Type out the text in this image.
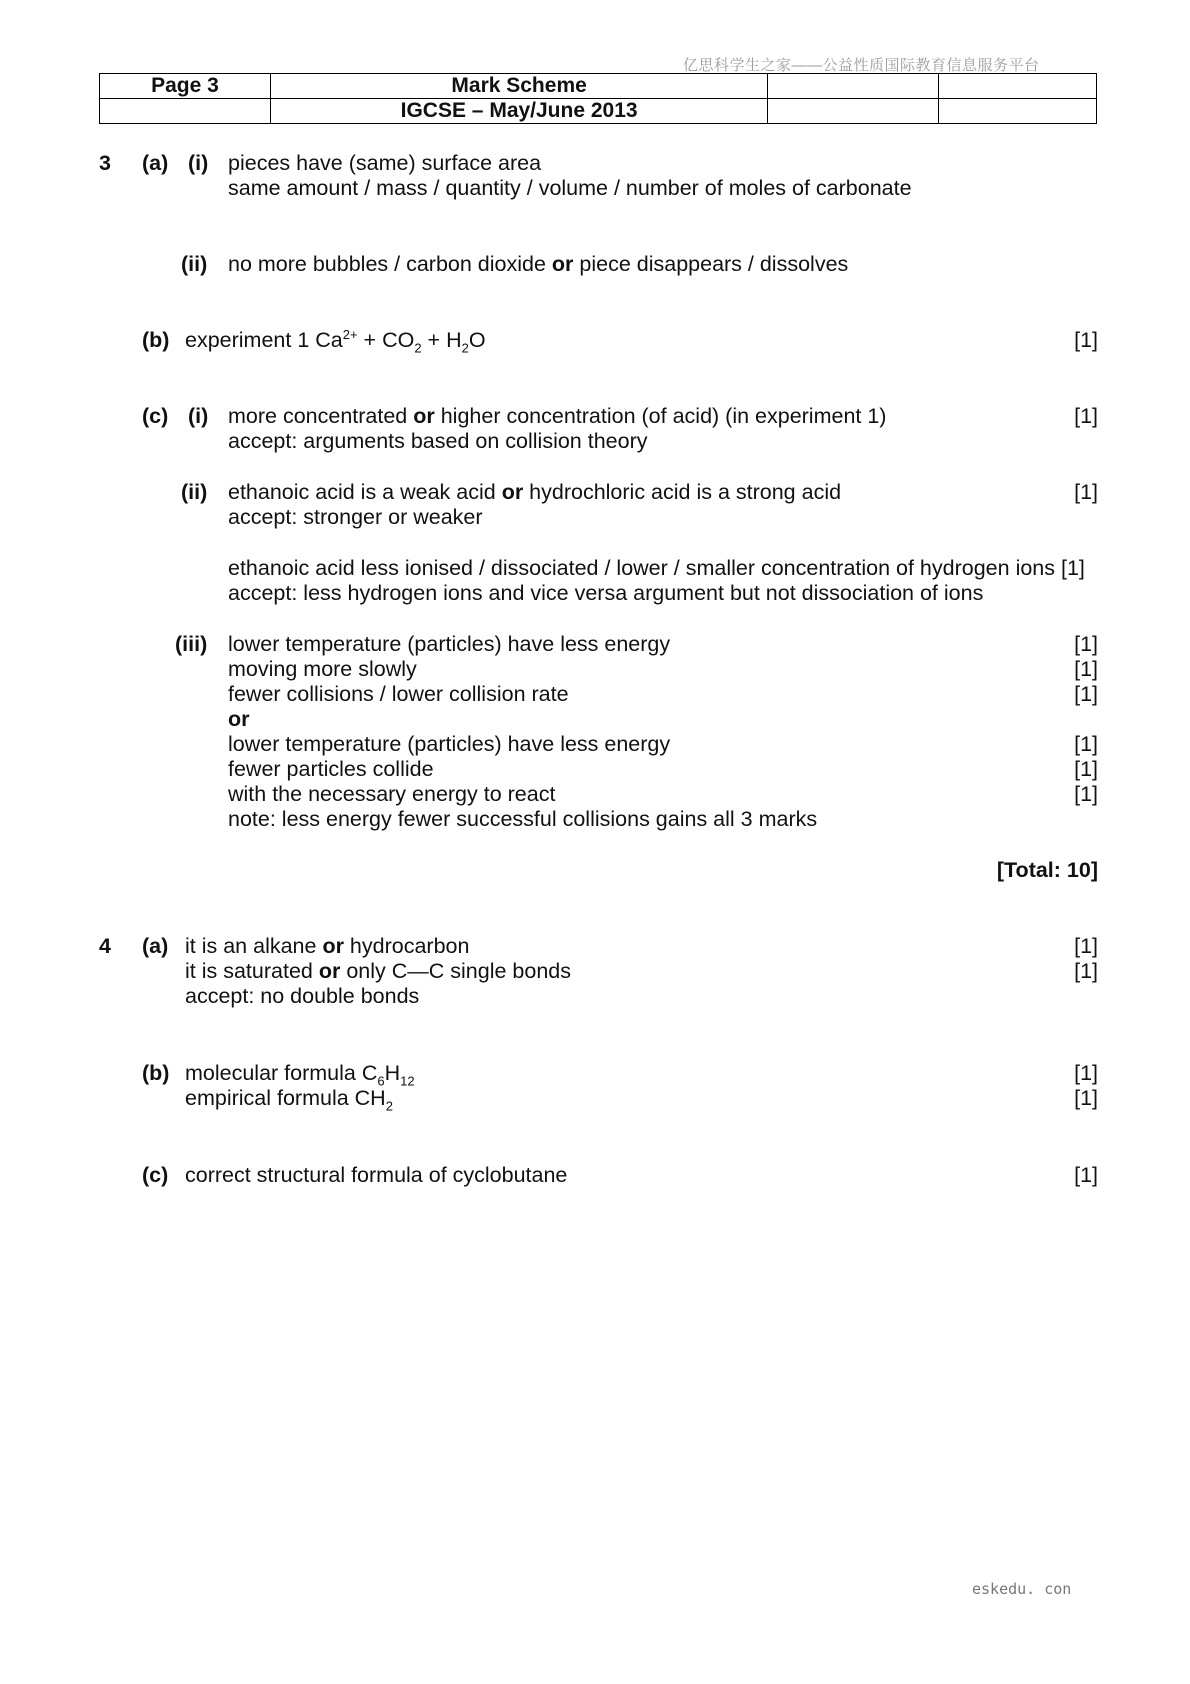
亿思科学生之家——公益性质国际教育信息服务平台
Page 3	Mark Scheme		
	IGCSE – May/June 2013		
3 (a) (i) pieces have (same) surface area
same amount / mass / quantity / volume / number of moles of carbonate
(ii) no more bubbles / carbon dioxide or piece disappears / dissolves
(b) experiment 1 $Ca^{2+} + CO_2 + H_2O$	[1]
(c) (i) more concentrated or higher concentration (of acid) (in experiment 1)	[1]
accept: arguments based on collision theory
(ii) ethanoic acid is a weak acid or hydrochloric acid is a strong acid	[1]
accept: stronger or weaker
ethanoic acid less ionised / dissociated / lower / smaller concentration of hydrogen ions [1]
accept: less hydrogen ions and vice versa argument but not dissociation of ions
(iii) lower temperature (particles) have less energy	[1]
moving more slowly	[1]
fewer collisions / lower collision rate	[1]
or
lower temperature (particles) have less energy	[1]
fewer particles collide	[1]
with the necessary energy to react	[1]
note: less energy fewer successful collisions gains all 3 marks
[Total: 10]
4 (a) it is an alkane or hydrocarbon	[1]
it is saturated or only C—C single bonds	[1]
accept: no double bonds
(b) molecular formula $C_6H_{12}$	[1]
empirical formula $CH_2$	[1]
(c) correct structural formula of cyclobutane	[1]
eskedu. con
